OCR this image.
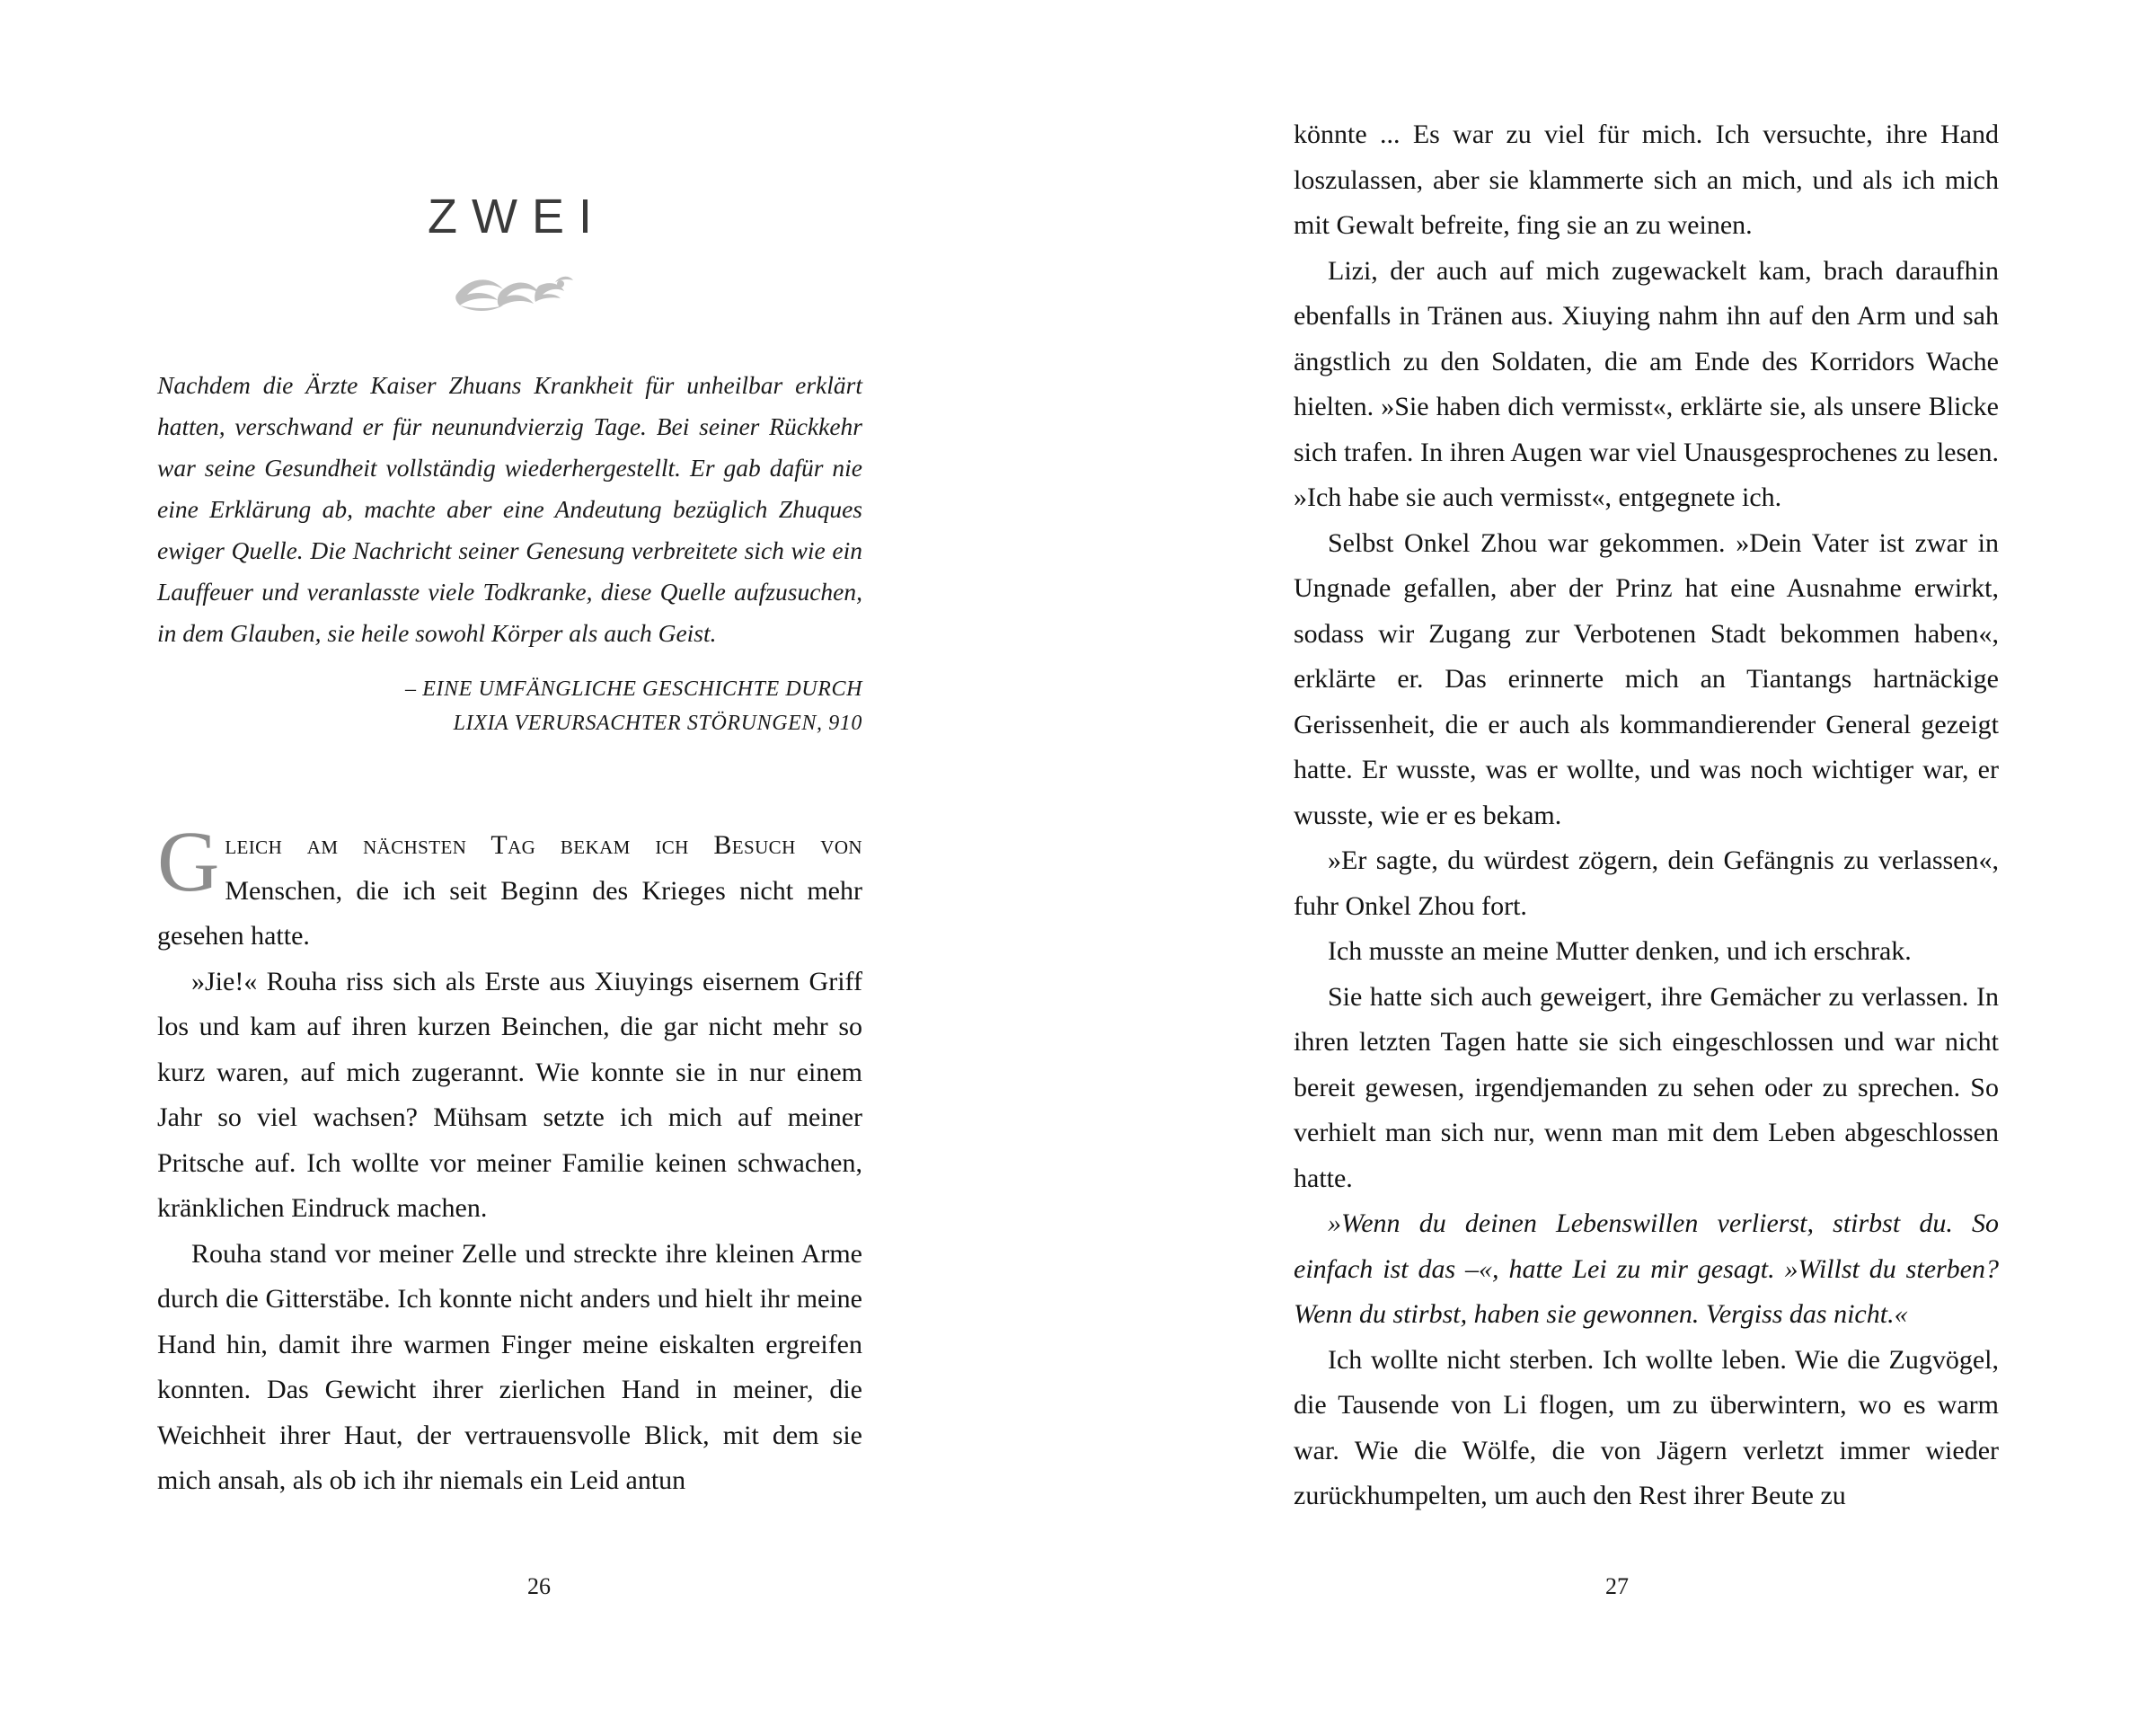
ZWEI
Nachdem die Ärzte Kaiser Zhuans Krankheit für unheilbar erklärt hatten, verschwand er für neunundvierzig Tage. Bei seiner Rückkehr war seine Gesundheit vollständig wiederhergestellt. Er gab dafür nie eine Erklärung ab, machte aber eine Andeutung bezüglich Zhuques ewiger Quelle. Die Nachricht seiner Genesung verbreitete sich wie ein Lauffeuer und veranlasste viele Todkranke, diese Quelle aufzusuchen, in dem Glauben, sie heile sowohl Körper als auch Geist.
– EINE UMFÄNGLICHE GESCHICHTE DURCH
LIXIA VERURSACHTER STÖRUNGEN, 910

Gleich am nächsten Tag bekam ich Besuch von Menschen, die ich seit Beginn des Krieges nicht mehr gesehen hatte.

»Jie!« Rouha riss sich als Erste aus Xiuyings eisernem Griff los und kam auf ihren kurzen Beinchen, die gar nicht mehr so kurz waren, auf mich zugerannt. Wie konnte sie in nur einem Jahr so viel wachsen? Mühsam setzte ich mich auf meiner Pritsche auf. Ich wollte vor meiner Familie keinen schwachen, kränklichen Eindruck machen.

Rouha stand vor meiner Zelle und streckte ihre kleinen Arme durch die Gitterstäbe. Ich konnte nicht anders und hielt ihr meine Hand hin, damit ihre warmen Finger meine eiskalten ergreifen konnten. Das Gewicht ihrer zierlichen Hand in meiner, die Weichheit ihrer Haut, der vertrauensvolle Blick, mit dem sie mich ansah, als ob ich ihr niemals ein Leid antun

26

könnte ... Es war zu viel für mich. Ich versuchte, ihre Hand loszulassen, aber sie klammerte sich an mich, und als ich mich mit Gewalt befreite, fing sie an zu weinen.

Lizi, der auch auf mich zugewackelt kam, brach daraufhin ebenfalls in Tränen aus. Xiuying nahm ihn auf den Arm und sah ängstlich zu den Soldaten, die am Ende des Korridors Wache hielten. »Sie haben dich vermisst«, erklärte sie, als unsere Blicke sich trafen. In ihren Augen war viel Unausgesprochenes zu lesen. »Ich habe sie auch vermisst«, entgegnete ich.

Selbst Onkel Zhou war gekommen. »Dein Vater ist zwar in Ungnade gefallen, aber der Prinz hat eine Ausnahme erwirkt, sodass wir Zugang zur Verbotenen Stadt bekommen haben«, erklärte er. Das erinnerte mich an Tiantangs hartnäckige Gerissenheit, die er auch als kommandierender General gezeigt hatte. Er wusste, was er wollte, und was noch wichtiger war, er wusste, wie er es bekam.

»Er sagte, du würdest zögern, dein Gefängnis zu verlassen«, fuhr Onkel Zhou fort.

Ich musste an meine Mutter denken, und ich erschrak.

Sie hatte sich auch geweigert, ihre Gemächer zu verlassen. In ihren letzten Tagen hatte sie sich eingeschlossen und war nicht bereit gewesen, irgendjemanden zu sehen oder zu sprechen. So verhielt man sich nur, wenn man mit dem Leben abgeschlossen hatte.

»Wenn du deinen Lebenswillen verlierst, stirbst du. So einfach ist das –«, hatte Lei zu mir gesagt. »Willst du sterben? Wenn du stirbst, haben sie gewonnen. Vergiss das nicht.«

Ich wollte nicht sterben. Ich wollte leben. Wie die Zugvögel, die Tausende von Li flogen, um zu überwintern, wo es warm war. Wie die Wölfe, die von Jägern verletzt immer wieder zurückhumpelten, um auch den Rest ihrer Beute zu

27
